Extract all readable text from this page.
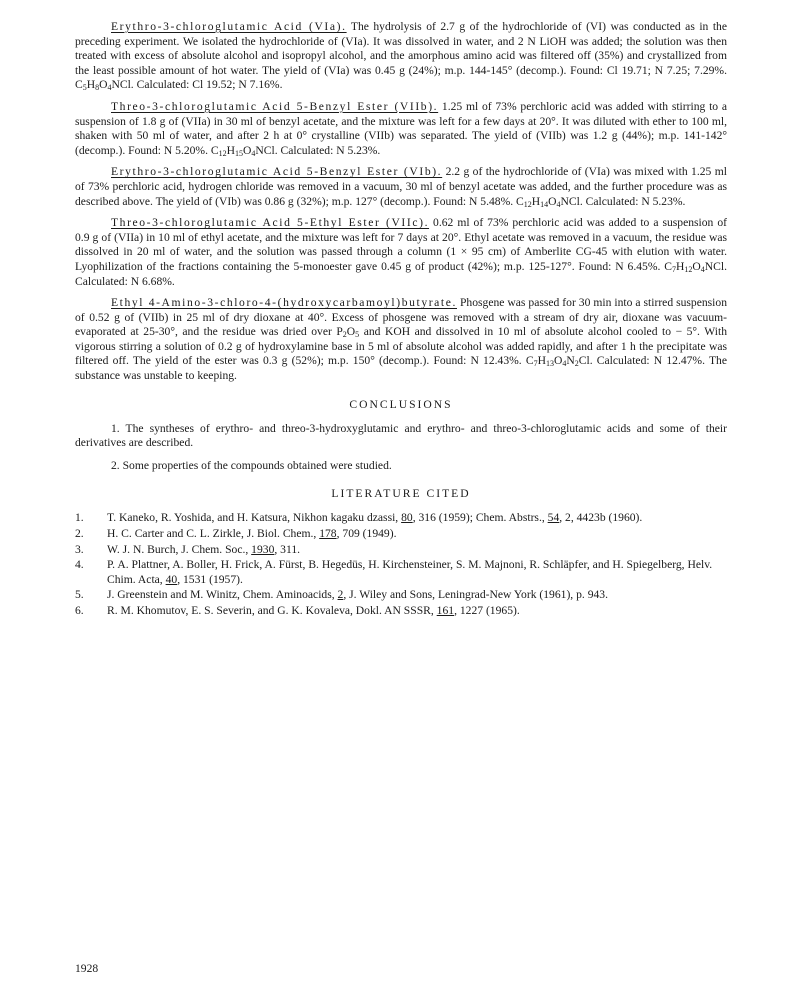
Erythro-3-chloroglutamic Acid (VIa). The hydrolysis of 2.7 g of the hydrochloride of (VI) was conducted as in the preceding experiment. We isolated the hydrochloride of (VIa). It was dissolved in water, and 2 N LiOH was added; the solution was then treated with excess of absolute alcohol and isopropyl alcohol, and the amorphous amino acid was filtered off (35%) and crystallized from the least possible amount of hot water. The yield of (VIa) was 0.45 g (24%); m.p. 144-145° (decomp.). Found: Cl 19.71; N 7.25; 7.29%. $C_5H_8O_4NCl$. Calculated: Cl 19.52; N 7.16%.

Threo-3-chloroglutamic Acid 5-Benzyl Ester (VIIb). 1.25 ml of 73% perchloric acid was added with stirring to a suspension of 1.8 g of (VIIa) in 30 ml of benzyl acetate, and the mixture was left for a few days at 20°. It was diluted with ether to 100 ml, shaken with 50 ml of water, and after 2 h at 0° crystalline (VIIb) was separated. The yield of (VIIb) was 1.2 g (44%); m.p. 141-142° (decomp.). Found: N 5.20%. $C_{12}H_{15}O_4NCl$. Calculated: N 5.23%.

Erythro-3-chloroglutamic Acid 5-Benzyl Ester (VIb). 2.2 g of the hydrochloride of (VIa) was mixed with 1.25 ml of 73% perchloric acid, hydrogen chloride was removed in a vacuum, 30 ml of benzyl acetate was added, and the further procedure was as described above. The yield of (VIb) was 0.86 g (32%); m.p. 127° (decomp.). Found: N 5.48%. $C_{12}H_{14}O_4NCl$. Calculated: N 5.23%.

Threo-3-chloroglutamic Acid 5-Ethyl Ester (VIIc). 0.62 ml of 73% perchloric acid was added to a suspension of 0.9 g of (VIIa) in 10 ml of ethyl acetate, and the mixture was left for 7 days at 20°. Ethyl acetate was removed in a vacuum, the residue was dissolved in 20 ml of water, and the solution was passed through a column (1 × 95 cm) of Amberlite CG-45 with elution with water. Lyophilization of the fractions containing the 5-monoester gave 0.45 g of product (42%); m.p. 125-127°. Found: N 6.45%. $C_7H_{12}O_4NCl$. Calculated: N 6.68%.

Ethyl 4-Amino-3-chloro-4-(hydroxycarbamoyl)butyrate. Phosgene was passed for 30 min into a stirred suspension of 0.52 g of (VIIb) in 25 ml of dry dioxane at 40°. Excess of phosgene was removed with a stream of dry air, dioxane was vacuum-evaporated at 25-30°, and the residue was dried over $P_2O_5$ and KOH and dissolved in 10 ml of absolute alcohol cooled to − 5°. With vigorous stirring a solution of 0.2 g of hydroxylamine base in 5 ml of absolute alcohol was added rapidly, and after 1 h the precipitate was filtered off. The yield of the ester was 0.3 g (52%); m.p. 150° (decomp.). Found: N 12.43%. $C_7H_{13}O_4N_2Cl$. Calculated: N 12.47%. The substance was unstable to keeping.

CONCLUSIONS

1. The syntheses of erythro- and threo-3-hydroxyglutamic and erythro- and threo-3-chloroglutamic acids and some of their derivatives are described.

2. Some properties of the compounds obtained were studied.

LITERATURE CITED
1. T. Kaneko, R. Yoshida, and H. Katsura, Nikhon kagaku dzassi, 80, 316 (1959); Chem. Abstrs., 54, 2, 4423b (1960).
2. H. C. Carter and C. L. Zirkle, J. Biol. Chem., 178, 709 (1949).
3. W. J. N. Burch, J. Chem. Soc., 1930, 311.
4. P. A. Plattner, A. Boller, H. Frick, A. Fürst, B. Hegedüs, H. Kirchensteiner, S. M. Majnoni, R. Schläpfer, and H. Spiegelberg, Helv. Chim. Acta, 40, 1531 (1957).
5. J. Greenstein and M. Winitz, Chem. Aminoacids, 2, J. Wiley and Sons, Leningrad-New York (1961), p. 943.
6. R. M. Khomutov, E. S. Severin, and G. K. Kovaleva, Dokl. AN SSSR, 161, 1227 (1965).
1928
